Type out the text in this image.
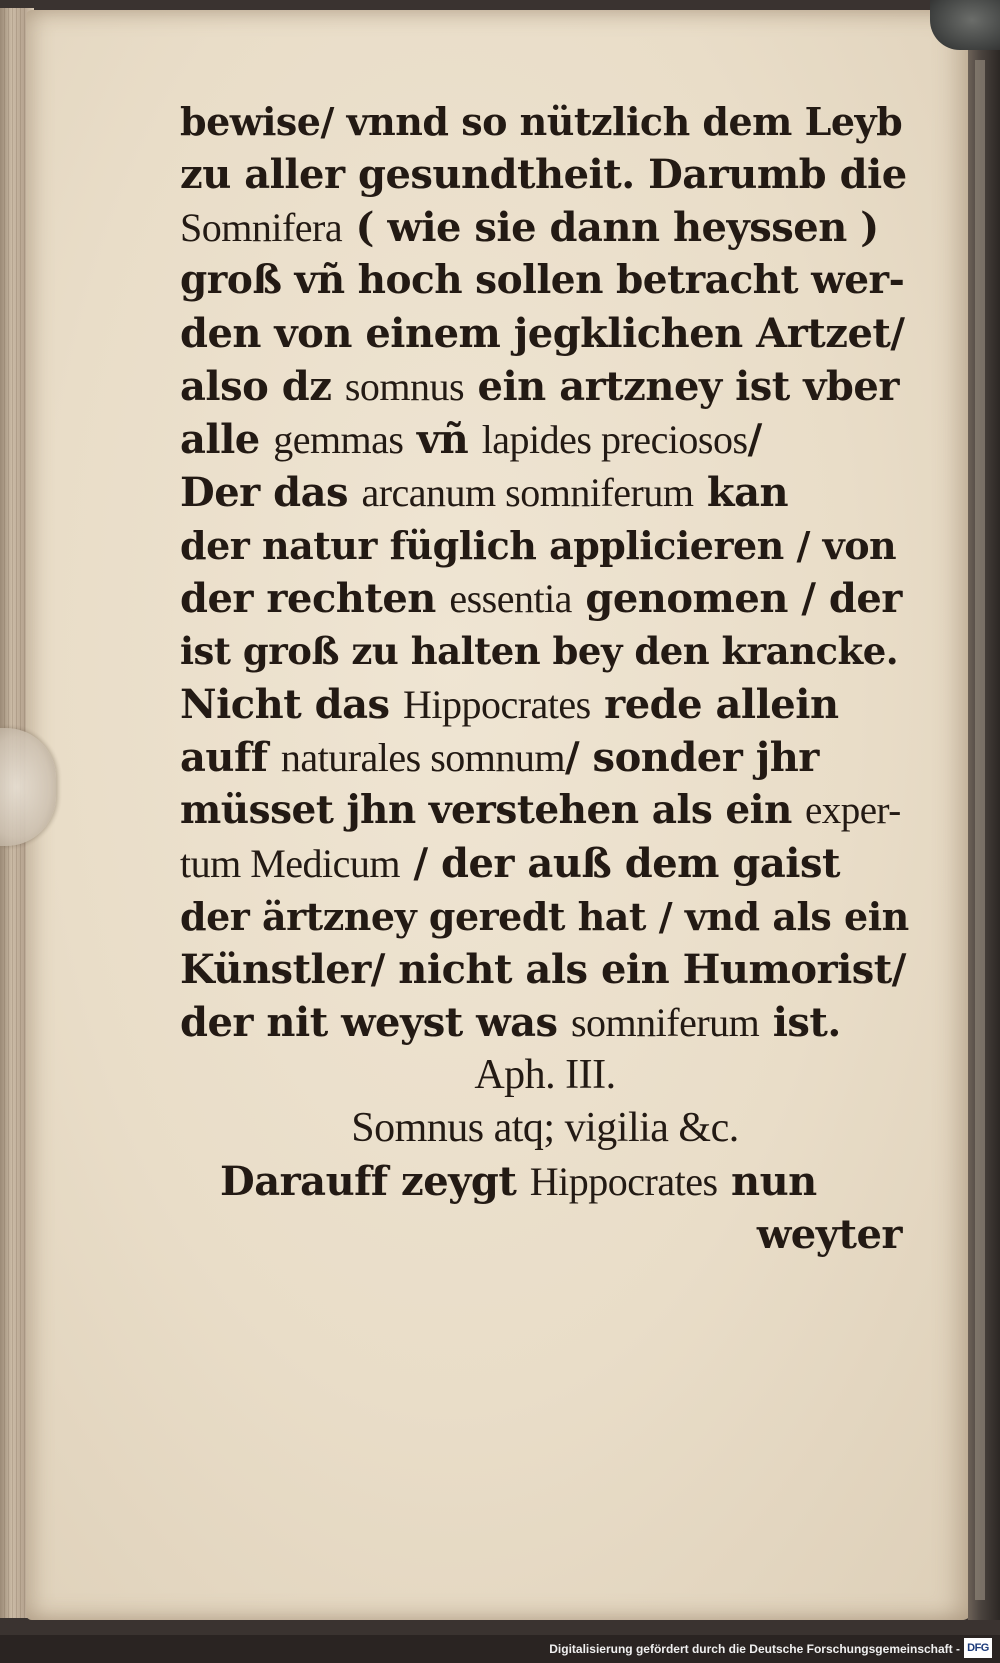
bewise/ vnnd so nützlich dem Leyb
zu aller gesundtheit. Darumb die
Somnifera ( wie sie dann heyssen )
groß vñ hoch sollen betracht wer-
den von einem jegklichen Artzet/
also dz somnus ein artzney ist vber
alle gemmas vñ lapides preciosos/
Der das arcanum somniferum kan
der natur füglich applicieren / von
der rechten essentia genomen / der
ist groß zu halten bey den krancke.
Nicht das Hippocrates rede allein
auff naturales somnum/ sonder jhr
müsset jhn verstehen als ein exper-
tum Medicum / der auß dem gaist
der ärtzney geredt hat / vnd als ein
Künstler/ nicht als ein Humorist/
der nit weyst was somniferum ist.
Aph. III.
Somnus atq; vigilia &c.
Darauff zeygt Hippocrates nun
weyter
Digitalisierung gefördert durch die Deutsche Forschungsgemeinschaft - DFG
